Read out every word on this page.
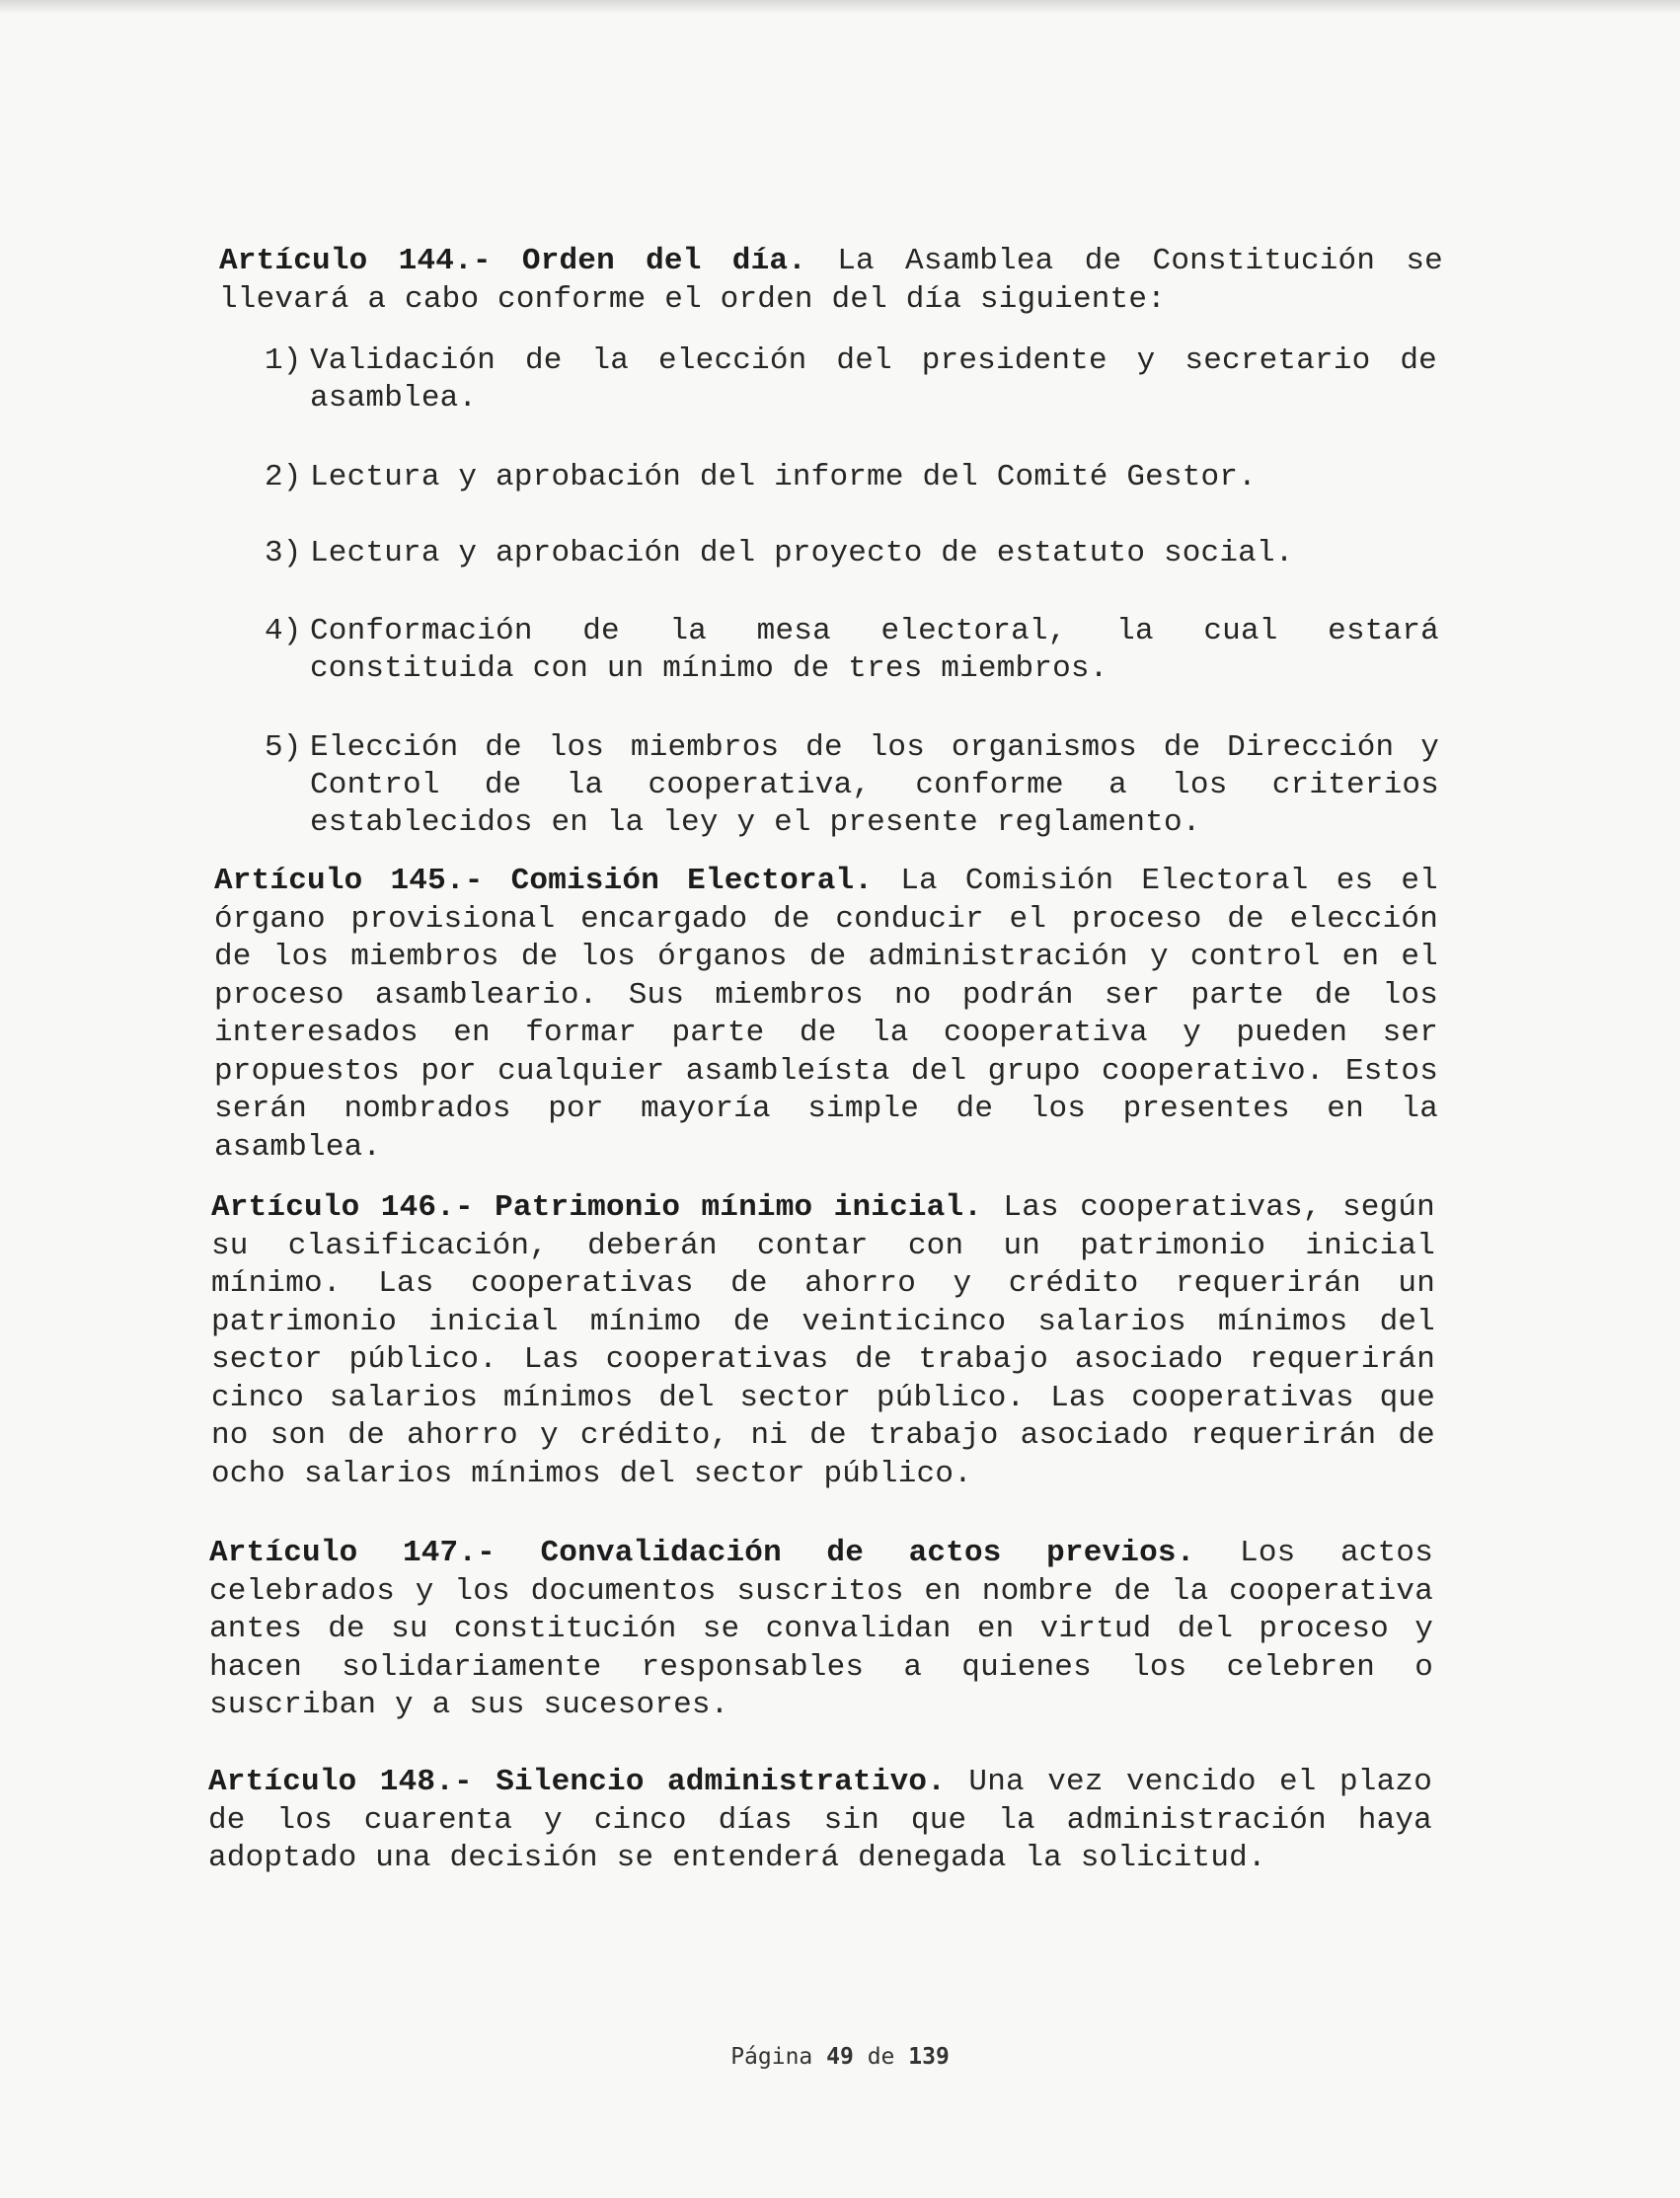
Artículo 144.- Orden del día. La Asamblea de Constitución se llevará a cabo conforme el orden del día siguiente:
1) Validación de la elección del presidente y secretario de asamblea.
2) Lectura y aprobación del informe del Comité Gestor.
3) Lectura y aprobación del proyecto de estatuto social.
4) Conformación de la mesa electoral, la cual estará constituida con un mínimo de tres miembros.
5) Elección de los miembros de los organismos de Dirección y Control de la cooperativa, conforme a los criterios establecidos en la ley y el presente reglamento.
Artículo 145.- Comisión Electoral. La Comisión Electoral es el órgano provisional encargado de conducir el proceso de elección de los miembros de los órganos de administración y control en el proceso asambleario. Sus miembros no podrán ser parte de los interesados en formar parte de la cooperativa y pueden ser propuestos por cualquier asambleísta del grupo cooperativo. Estos serán nombrados por mayoría simple de los presentes en la asamblea.
Artículo 146.- Patrimonio mínimo inicial. Las cooperativas, según su clasificación, deberán contar con un patrimonio inicial mínimo. Las cooperativas de ahorro y crédito requerirán un patrimonio inicial mínimo de veinticinco salarios mínimos del sector público. Las cooperativas de trabajo asociado requerirán cinco salarios mínimos del sector público. Las cooperativas que no son de ahorro y crédito, ni de trabajo asociado requerirán de ocho salarios mínimos del sector público.
Artículo 147.- Convalidación de actos previos. Los actos celebrados y los documentos suscritos en nombre de la cooperativa antes de su constitución se convalidan en virtud del proceso y hacen solidariamente responsables a quienes los celebren o suscriban y a sus sucesores.
Artículo 148.- Silencio administrativo. Una vez vencido el plazo de los cuarenta y cinco días sin que la administración haya adoptado una decisión se entenderá denegada la solicitud.
Página 49 de 139
